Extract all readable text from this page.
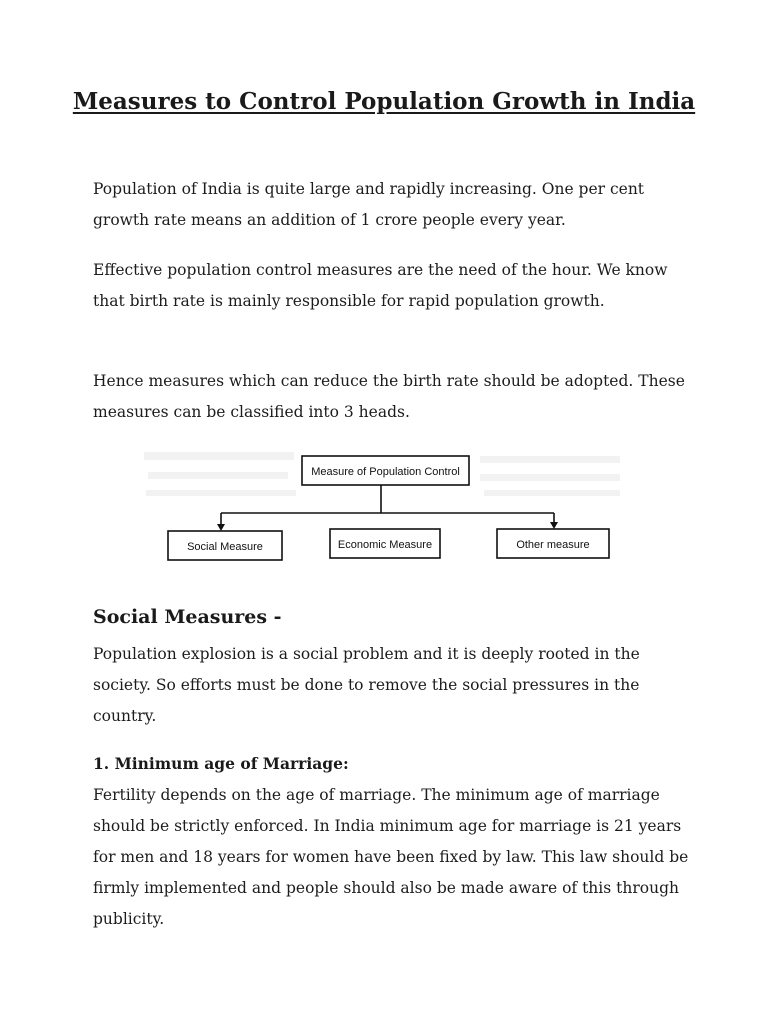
Measures to Control Population Growth in India

Population of India is quite large and rapidly increasing. One per cent growth rate means an addition of 1 crore people every year.

Effective population control measures are the need of the hour. We know that birth rate is mainly responsible for rapid population growth.

Hence measures which can reduce the birth rate should be adopted. These measures can be classified into 3 heads.

Measure of Population Control
Social Measure	Economic Measure	Other measure
Social Measures -

Population explosion is a social problem and it is deeply rooted in the society. So efforts must be done to remove the social pressures in the country.

1. Minimum age of Marriage:

Fertility depends on the age of marriage. The minimum age of marriage should be strictly enforced. In India minimum age for marriage is 21 years for men and 18 years for women have been fixed by law. This law should be firmly implemented and people should also be made aware of this through publicity.
